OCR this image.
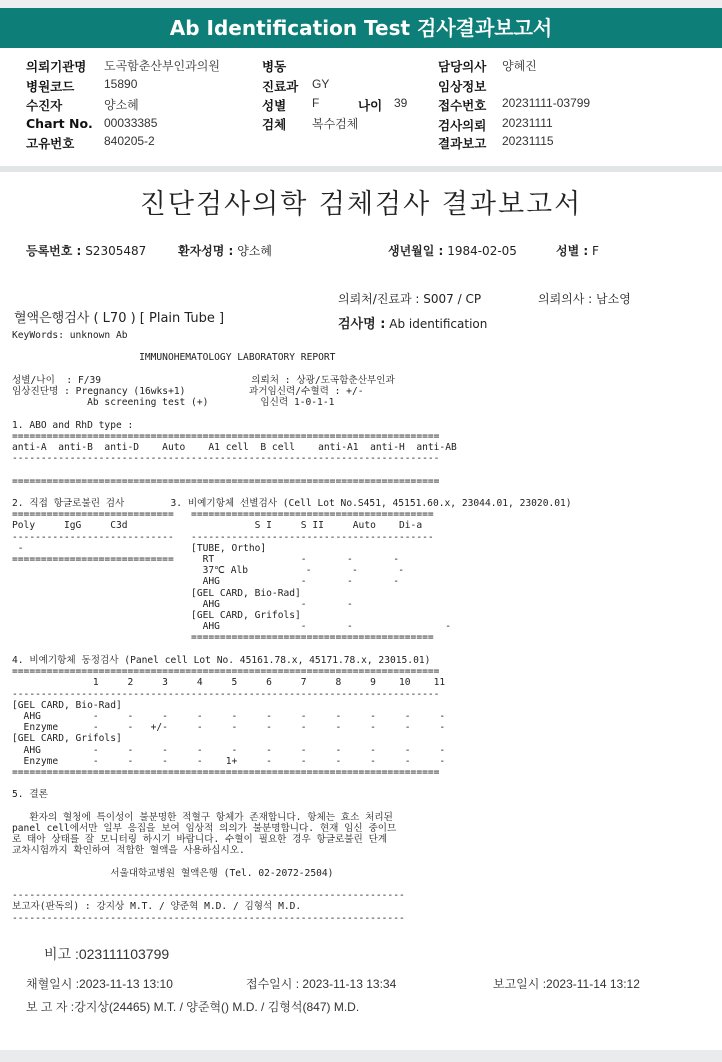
Ab Identification Test 검사결과보고서
의뢰기관명 도곡함춘산부인과의원
병원코드 15890
수진자	양소혜
Chart No. 00033385
고유번호 840205-2
병동
진료과 GY
성별 F	나이 39
검체 복수검체
담당의사 양혜진
임상정보
접수번호 20231111-03799
검사의뢰 20231111
결과보고 20231115
진단검사의학 검체검사 결과보고서
등록번호 : S2305487	환자성명 : 양소혜	생년월일 : 1984-02-05	성별 : F
의뢰처/진료과 : S007 / CP	의뢰의사 : 남소영
혈액은행검사 ( L70 ) [ Plain Tube ]	검사명 : Ab identification
KeyWords: unknown Ab

IMMUNOHEMATOLOGY LABORATORY REPORT

성별/나이  : F/39                          의뢰처 : 상광/도곡함춘산부인과
임상진단명 : Pregnancy (16wks+1)           과거임신력/수혈력 : +/-
Ab screening test (+)         임신력 1-0-1-1

1. ABO and RhD type :
==========================================================================
anti-A  anti-B  anti-D    Auto    A1 cell  B cell    anti-A1  anti-H  anti-AB
--------------------------------------------------------------------------

==========================================================================

2. 직접 항글로불린 검사        3. 비예기항체 선별검사 (Cell Lot No.S451, 45151.60.x, 23044.01, 23020.01)
============================   ==========================================
Poly     IgG     C3d                      S I     S II     Auto    Di-a
----------------------------   ------------------------------------------
-                             [TUBE, Ortho]
============================     RT               -       -       -
37℃ Alb          -       -       -
AHG              -       -       -
[GEL CARD, Bio-Rad]
AHG              -       -
[GEL CARD, Grifols]
AHG              -       -                -
==========================================

4. 비예기항체 동정검사 (Panel cell Lot No. 45161.78.x, 45171.78.x, 23015.01)
==========================================================================
1     2     3     4     5     6     7     8     9    10    11
--------------------------------------------------------------------------
[GEL CARD, Bio-Rad]
AHG         -     -     -     -     -     -     -     -     -     -     -
Enzyme      -     -   +/-     -     -     -     -     -     -     -     -
[GEL CARD, Grifols]
AHG         -     -     -     -     -     -     -     -     -     -     -
Enzyme      -     -     -     -    1+     -     -     -     -     -     -
==========================================================================

5. 결론

환자의 혈청에 특이성이 불분명한 적혈구 항체가 존재합니다. 항체는 효소 처리된
panel cell에서만 일부 응집을 보여 임상적 의의가 불분명합니다. 현재 임신 중이므
로 태아 상태를 잘 모니터링 하시기 바랍니다. 수혈이 필요한 경우 항글로불린 단계
교차시험까지 확인하여 적합한 혈액을 사용하십시오.

서울대학교병원 혈액은행 (Tel. 02-2072-2504)

--------------------------------------------------------------------
보고자(판독의) : 강지상 M.T. / 양준혁 M.D. / 김형석 M.D.
--------------------------------------------------------------------
비고 :023111103799
채혈일시 :2023-11-13 13:10	접수일시 : 2023-11-13 13:34	보고일시 :2023-11-14 13:12
보 고 자 :강지상(24465) M.T. / 양준혁() M.D. / 김형석(847) M.D.
